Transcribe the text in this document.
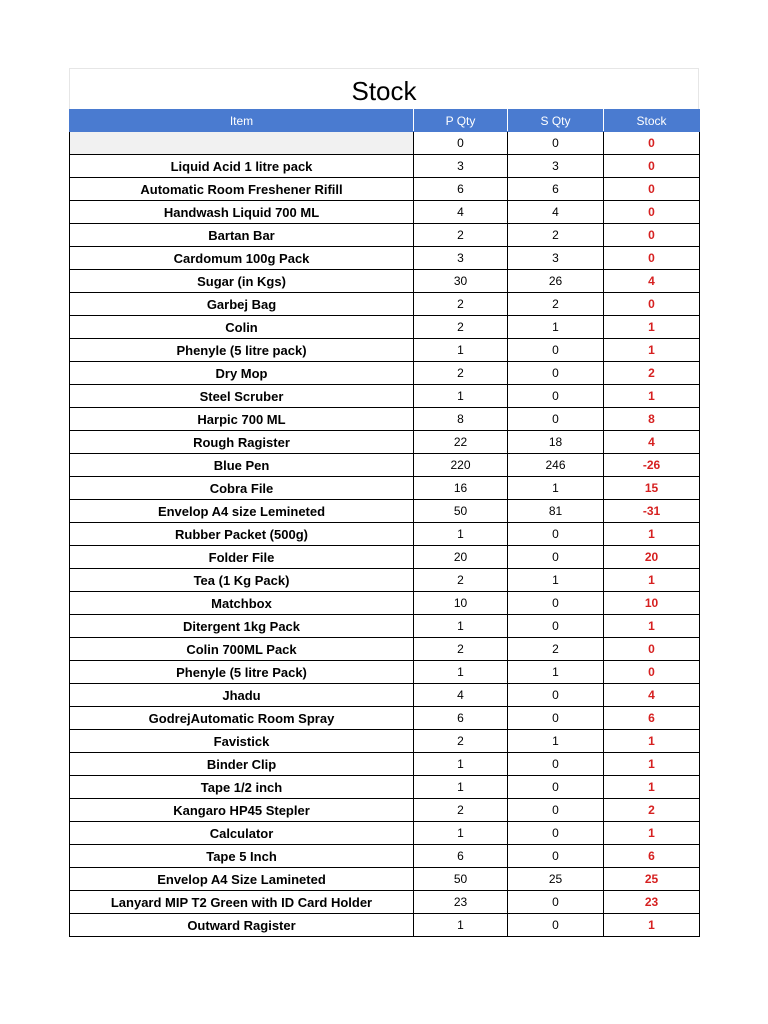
Stock
Item	P Qty	S Qty	Stock
	0	0	0
Liquid Acid 1 litre pack	3	3	0
Automatic Room Freshener Rifill	6	6	0
Handwash Liquid 700 ML	4	4	0
Bartan Bar	2	2	0
Cardomum 100g Pack	3	3	0
Sugar (in Kgs)	30	26	4
Garbej Bag	2	2	0
Colin	2	1	1
Phenyle (5 litre pack)	1	0	1
Dry Mop	2	0	2
Steel Scruber	1	0	1
Harpic 700 ML	8	0	8
Rough Ragister	22	18	4
Blue Pen	220	246	-26
Cobra File	16	1	15
Envelop A4 size Lemineted	50	81	-31
Rubber Packet (500g)	1	0	1
Folder File	20	0	20
Tea (1 Kg Pack)	2	1	1
Matchbox	10	0	10
Ditergent 1kg Pack	1	0	1
Colin 700ML Pack	2	2	0
Phenyle (5 litre Pack)	1	1	0
Jhadu	4	0	4
GodrejAutomatic Room Spray	6	0	6
Favistick	2	1	1
Binder Clip	1	0	1
Tape 1/2 inch	1	0	1
Kangaro HP45 Stepler	2	0	2
Calculator	1	0	1
Tape 5 Inch	6	0	6
Envelop A4 Size Lamineted	50	25	25
Lanyard MIP T2 Green with ID Card Holder	23	0	23
Outward Ragister	1	0	1
